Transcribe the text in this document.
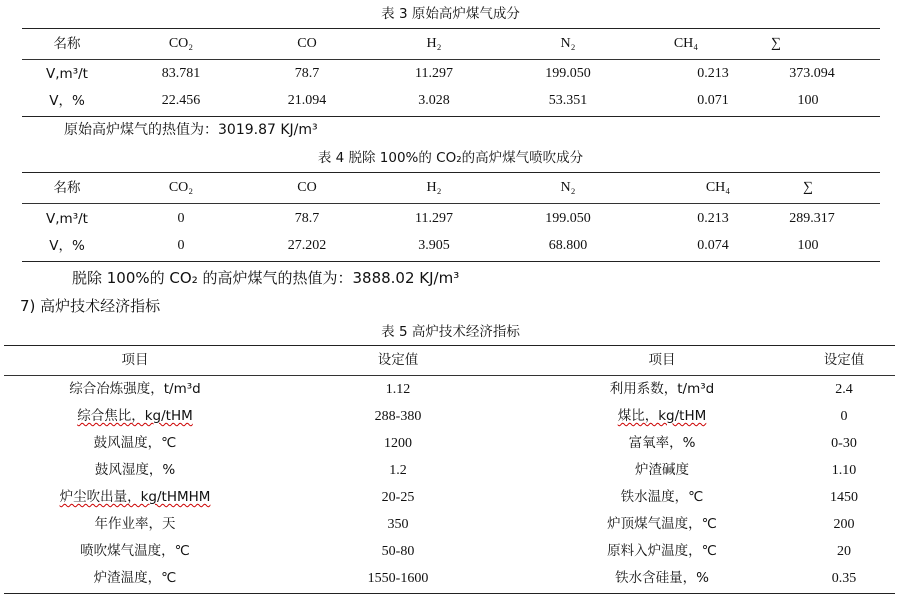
表 3 原始高炉煤气成分
名称	CO₂	CO	H₂	N₂	CH₄	∑
V,m³/t	83.781	78.7	11.297	199.050	0.213	373.094
V，%	22.456	21.094	3.028	53.351	0.071	100
原始高炉煤气的热值为：3019.87 KJ/m³
表 4 脱除 100%的 CO₂的高炉煤气喷吹成分
名称	CO₂	CO	H₂	N₂	CH₄	∑
V,m³/t	0	78.7	11.297	199.050	0.213	289.317
V，%	0	27.202	3.905	68.800	0.074	100
脱除 100%的 CO₂ 的高炉煤气的热值为：3888.02 KJ/m³
7) 高炉技术经济指标
表 5 高炉技术经济指标
项目	设定值	项目	设定值
综合冶炼强度，t/m³d	1.12	利用系数，t/m³d	2.4
综合焦比，kg/tHM	288-380	煤比，kg/tHM	0
鼓风温度，℃	1200	富氧率，%	0-30
鼓风湿度，%	1.2	炉渣碱度	1.10
炉尘吹出量，kg/tHMHM	20-25	铁水温度，℃	1450
年作业率，天	350	炉顶煤气温度，℃	200
喷吹煤气温度，℃	50-80	原料入炉温度，℃	20
炉渣温度，℃	1550-1600	铁水含硅量，%	0.35
